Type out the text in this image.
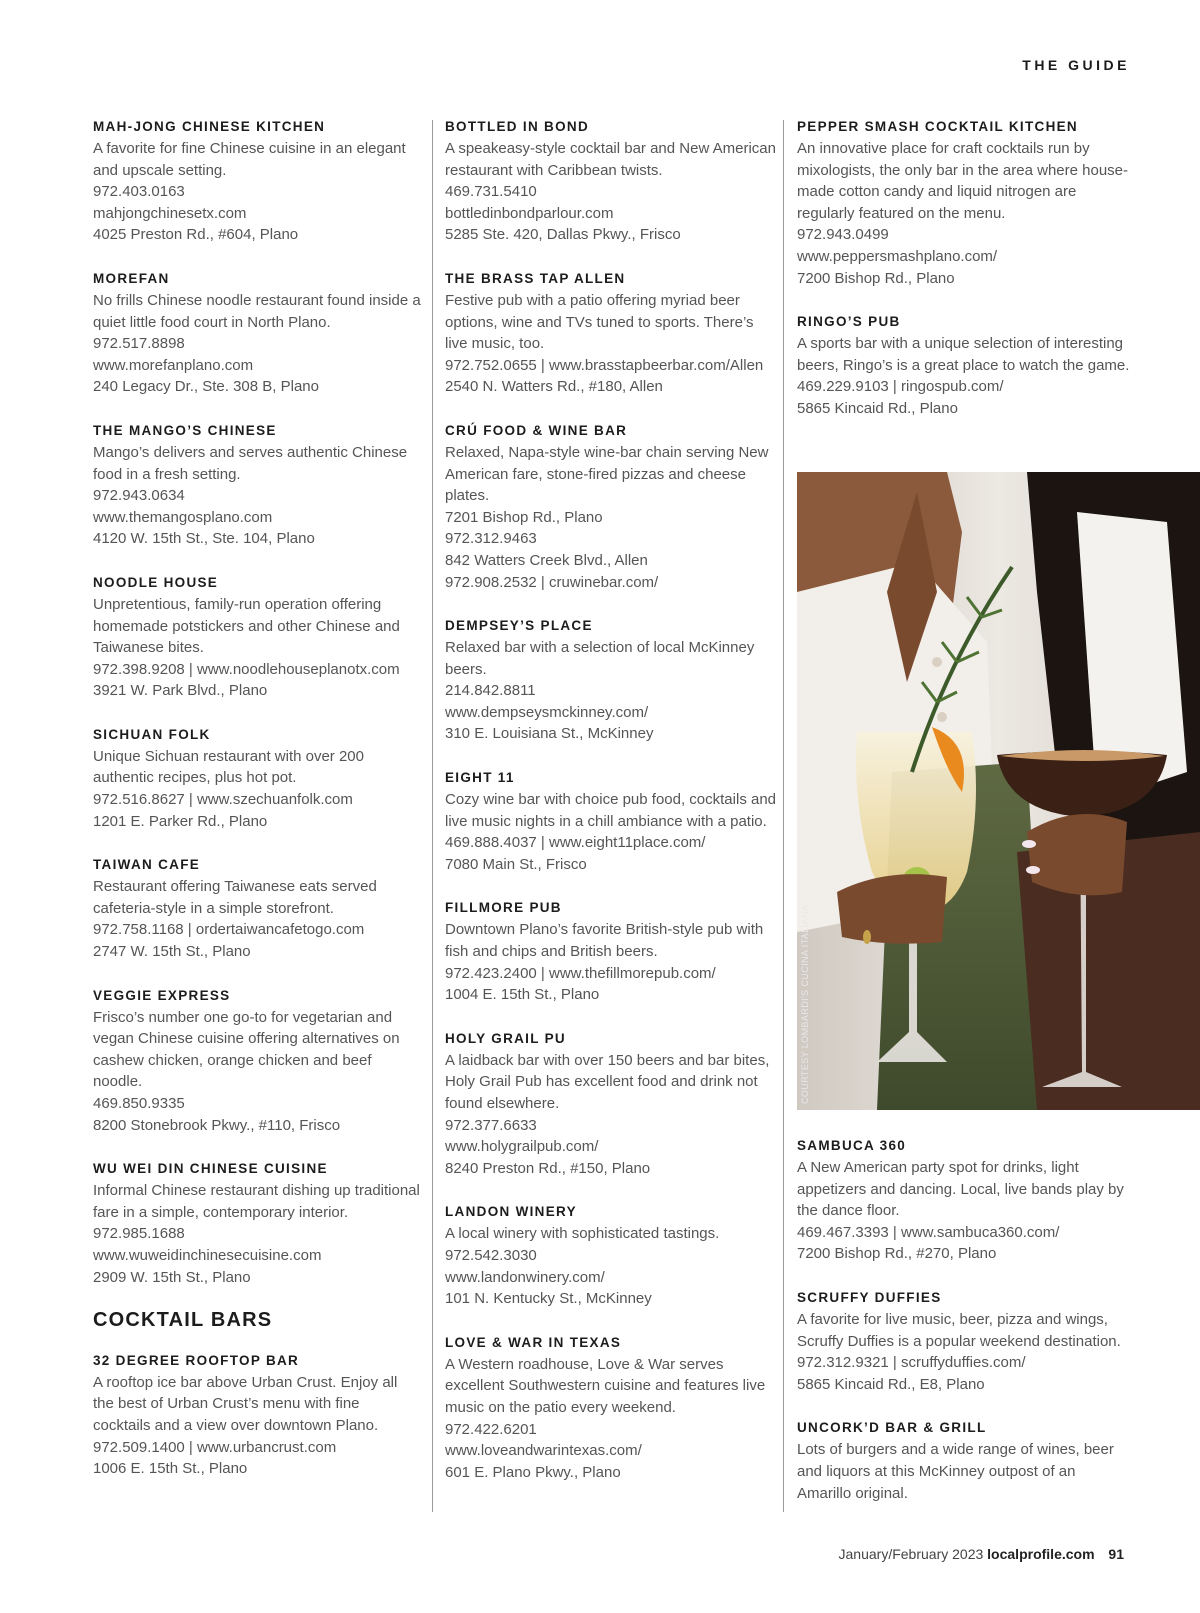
THE GUIDE
MAH-JONG CHINESE KITCHEN
A favorite for fine Chinese cuisine in an elegant and upscale setting.
972.403.0163
mahjongchinesetx.com
4025 Preston Rd., #604, Plano
MOREFAN
No frills Chinese noodle restaurant found inside a quiet little food court in North Plano.
972.517.8898
www.morefanplano.com
240 Legacy Dr., Ste. 308 B, Plano
THE MANGO’S CHINESE
Mango’s delivers and serves authentic Chinese food in a fresh setting.
972.943.0634
www.themangosplano.com
4120 W. 15th St., Ste. 104, Plano
NOODLE HOUSE
Unpretentious, family-run operation offering homemade potstickers and other Chinese and Taiwanese bites.
972.398.9208 | www.noodlehouseplanotx.com
3921 W. Park Blvd., Plano
SICHUAN FOLK
Unique Sichuan restaurant with over 200 authentic recipes, plus hot pot.
972.516.8627 | www.szechuanfolk.com
1201 E. Parker Rd., Plano
TAIWAN CAFE
Restaurant offering Taiwanese eats served cafeteria-style in a simple storefront.
972.758.1168 | ordertaiwancafetogo.com
2747 W. 15th St., Plano
VEGGIE EXPRESS
Frisco’s number one go-to for vegetarian and vegan Chinese cuisine offering alternatives on cashew chicken, orange chicken and beef noodle.
469.850.9335
8200 Stonebrook Pkwy., #110, Frisco
WU WEI DIN CHINESE CUISINE
Informal Chinese restaurant dishing up traditional fare in a simple, contemporary interior.
972.985.1688
www.wuweidinchinesecuisine.com
2909 W. 15th St., Plano
COCKTAIL BARS
32 DEGREE ROOFTOP BAR
A rooftop ice bar above Urban Crust. Enjoy all the best of Urban Crust’s menu with fine cocktails and a view over downtown Plano.
972.509.1400 | www.urbancrust.com
1006 E. 15th St., Plano
BOTTLED IN BOND
A speakeasy-style cocktail bar and New American restaurant with Caribbean twists.
469.731.5410
bottledinbondparlour.com
5285 Ste. 420, Dallas Pkwy., Frisco
THE BRASS TAP ALLEN
Festive pub with a patio offering myriad beer options, wine and TVs tuned to sports. There’s live music, too.
972.752.0655 | www.brasstapbeerbar.com/Allen
2540 N. Watters Rd., #180, Allen
CRÚ FOOD & WINE BAR
Relaxed, Napa-style wine-bar chain serving New American fare, stone-fired pizzas and cheese plates.
7201 Bishop Rd., Plano
972.312.9463
842 Watters Creek Blvd., Allen
972.908.2532 | cruwinebar.com/
DEMPSEY’S PLACE
Relaxed bar with a selection of local McKinney beers.
214.842.8811
www.dempseysmckinney.com/
310 E. Louisiana St., McKinney
EIGHT 11
Cozy wine bar with choice pub food, cocktails and live music nights in a chill ambiance with a patio.
469.888.4037 | www.eight11place.com/
7080 Main St., Frisco
FILLMORE PUB
Downtown Plano’s favorite British-style pub with fish and chips and British beers.
972.423.2400 | www.thefillmorepub.com/
1004 E. 15th St., Plano
HOLY GRAIL PU
A laidback bar with over 150 beers and bar bites, Holy Grail Pub has excellent food and drink not found elsewhere.
972.377.6633
www.holygrailpub.com/
8240 Preston Rd., #150, Plano
LANDON WINERY
A local winery with sophisticated tastings.
972.542.3030
www.landonwinery.com/
101 N. Kentucky St., McKinney
LOVE & WAR IN TEXAS
A Western roadhouse, Love & War serves excellent Southwestern cuisine and features live music on the patio every weekend.
972.422.6201
www.loveandwarintexas.com/
601 E. Plano Pkwy., Plano
PEPPER SMASH COCKTAIL KITCHEN
An innovative place for craft cocktails run by mixologists, the only bar in the area where house-made cotton candy and liquid nitrogen are regularly featured on the menu.
972.943.0499
www.peppersmashplano.com/
7200 Bishop Rd., Plano
RINGO’S PUB
A sports bar with a unique selection of interesting beers, Ringo’s is a great place to watch the game.
469.229.9103 | ringospub.com/
5865 Kincaid Rd., Plano
COURTESY LOMBARDI'S CUCINA ITALIANA
SAMBUCA 360
A New American party spot for drinks, light appetizers and dancing. Local, live bands play by the dance floor.
469.467.3393 | www.sambuca360.com/
7200 Bishop Rd., #270, Plano
SCRUFFY DUFFIES
A favorite for live music, beer, pizza and wings, Scruffy Duffies is a popular weekend destination.
972.312.9321 | scruffyduffies.com/
5865 Kincaid Rd., E8, Plano
UNCORK’D BAR & GRILL
Lots of burgers and a wide range of wines, beer and liquors at this McKinney outpost of an Amarillo original.
January/February 2023 localprofile.com 91
